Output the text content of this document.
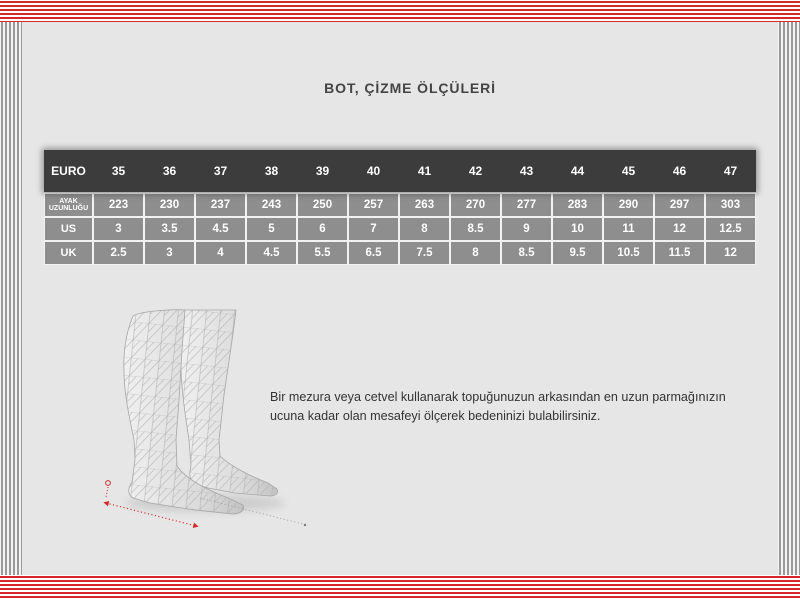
BOT, ÇİZME ÖLÇÜLERİ
EURO	35	36	37	38	39	40	41	42	43	44	45	46	47
AYAK UZUNLUĞU	223	230	237	243	250	257	263	270	277	283	290	297	303
US	3	3.5	4.5	5	6	7	8	8.5	9	10	11	12	12.5
UK	2.5	3	4	4.5	5.5	6.5	7.5	8	8.5	9.5	10.5	11.5	12
Bir mezura veya cetvel kullanarak topuğunuzun arkasından en uzun parmağınızın ucuna kadar olan mesafeyi ölçerek bedeninizi bulabilirsiniz.
